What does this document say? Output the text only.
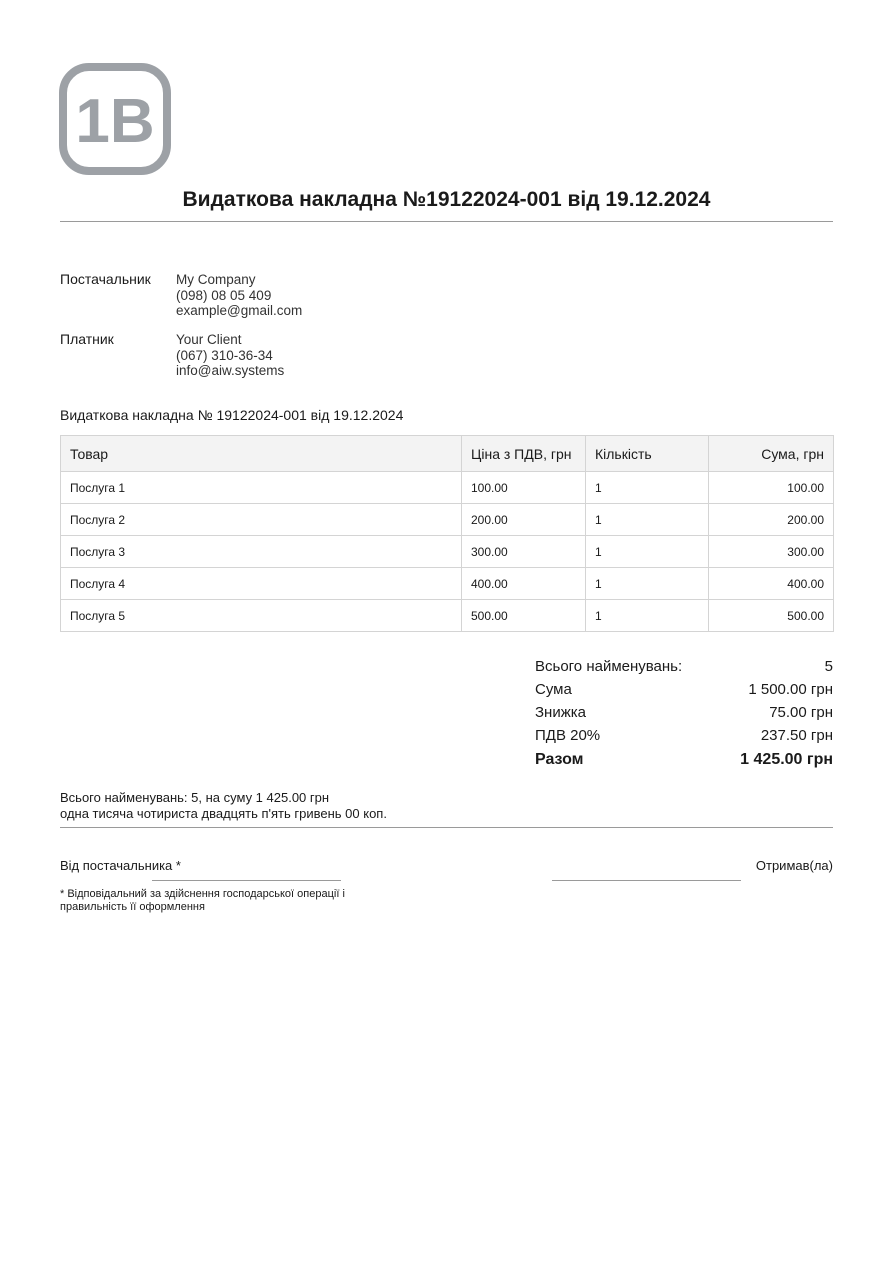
1B
Видаткова накладна №19122024-001 від 19.12.2024
Постачальник My Company
(098) 08 05 409
example@gmail.com
Платник	Your Client
(067) 310-36-34
info@aiw.systems
Видаткова накладна № 19122024-001 від 19.12.2024
Товар	Ціна з ПДВ, грн	Кількість	Сума, грн
Послуга 1	100.00	1	100.00
Послуга 2	200.00	1	200.00
Послуга 3	300.00	1	300.00
Послуга 4	400.00	1	400.00
Послуга 5	500.00	1	500.00
Всього найменувань:	5
Сума	1 500.00 грн
Знижка	75.00 грн
ПДВ 20%	237.50 грн
Разом	1 425.00 грн
Всього найменувань: 5, на суму 1 425.00 грн
одна тисяча чотириста двадцять п'ять гривень 00 коп.
Від постачальника *	Отримав(ла)
* Відповідальний за здійснення господарської операції і правильність її оформлення
